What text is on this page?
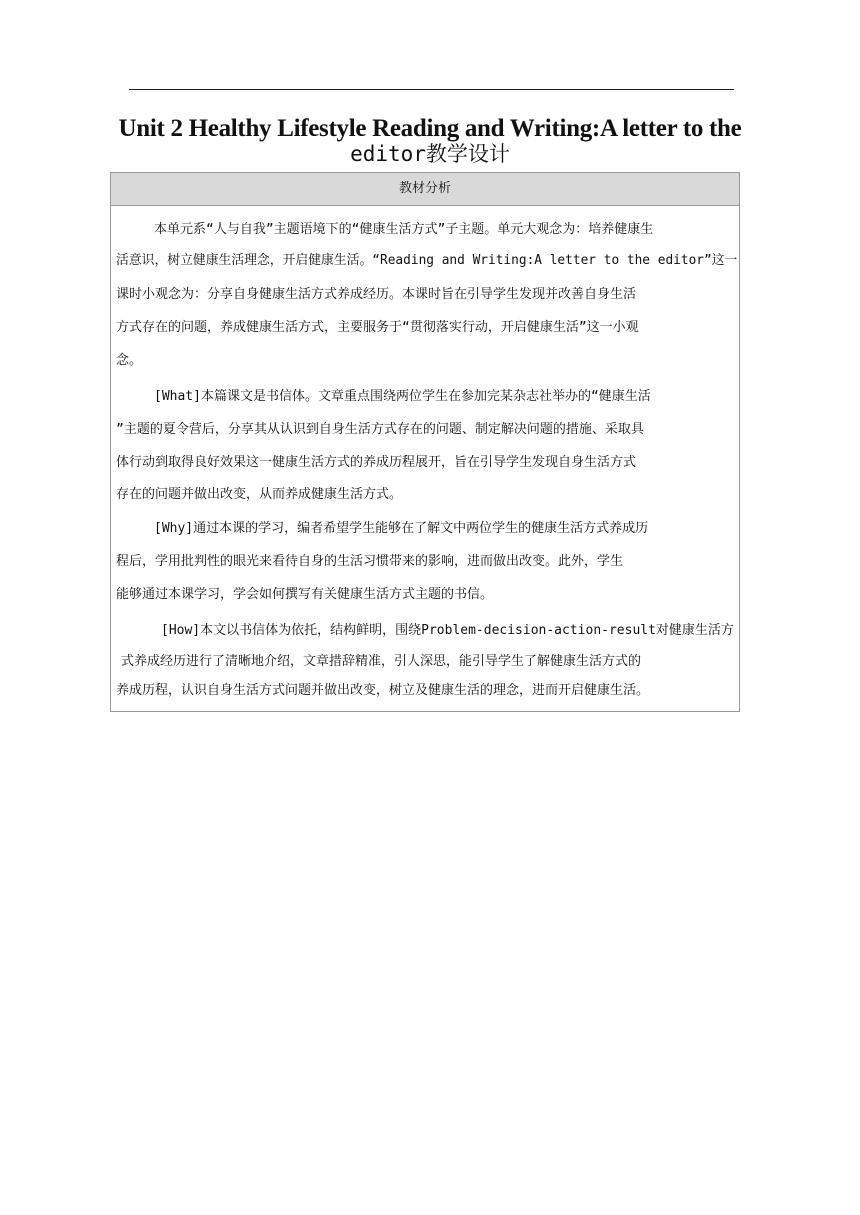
Unit 2 Healthy Lifestyle Reading and Writing:A letter to the
editor教学设计
教材分析
本单元系“人与自我”主题语境下的“健康生活方式”子主题。单元大观念为：培养健康生
活意识，树立健康生活理念，开启健康生活。“Reading and Writing:A letter to the editor”这一
课时小观念为：分享自身健康生活方式养成经历。本课时旨在引导学生发现并改善自身生活
方式存在的问题，养成健康生活方式，主要服务于“贯彻落实行动，开启健康生活”这一小观
念。
[What]本篇课文是书信体。文章重点围绕两位学生在参加完某杂志社举办的“健康生活
”主题的夏令营后，分享其从认识到自身生活方式存在的问题、制定解决问题的措施、采取具
体行动到取得良好效果这一健康生活方式的养成历程展开，旨在引导学生发现自身生活方式
存在的问题并做出改变，从而养成健康生活方式。
[Why]通过本课的学习，编者希望学生能够在了解文中两位学生的健康生活方式养成历
程后，学用批判性的眼光来看待自身的生活习惯带来的影响，进而做出改变。此外，学生
能够通过本课学习，学会如何撰写有关健康生活方式主题的书信。
[How]本文以书信体为依托，结构鲜明，围绕Problem-decision-action-result对健康生活方
式养成经历进行了清晰地介绍，文章措辞精准，引人深思，能引导学生了解健康生活方式的
养成历程，认识自身生活方式问题并做出改变，树立及健康生活的理念，进而开启健康生活。
